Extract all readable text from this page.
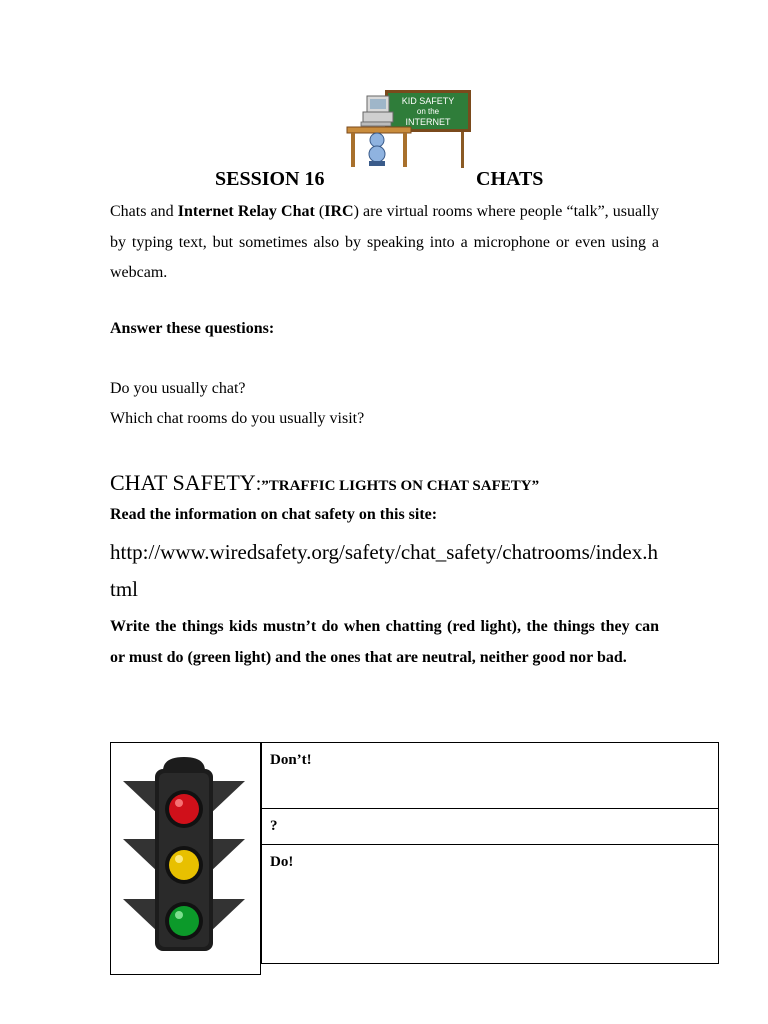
KID SAFETY
on the
INTERNET
SESSION 16	CHATS

Chats and Internet Relay Chat (IRC) are virtual rooms where people “talk”, usually by typing text, but sometimes also by speaking into a microphone or even using a webcam.

Answer these questions:
Do you usually chat?
Which chat rooms do you usually visit?
CHAT SAFETY:”TRAFFIC LIGHTS ON CHAT SAFETY”
Read the information on chat safety on this site:

http://www.wiredsafety.org/safety/chat_safety/chatrooms/index.html

Write the things kids mustn’t do when chatting (red light), the things they can or must do (green light) and the ones that are neutral, neither good nor bad.

Don’t!
?
Do!
